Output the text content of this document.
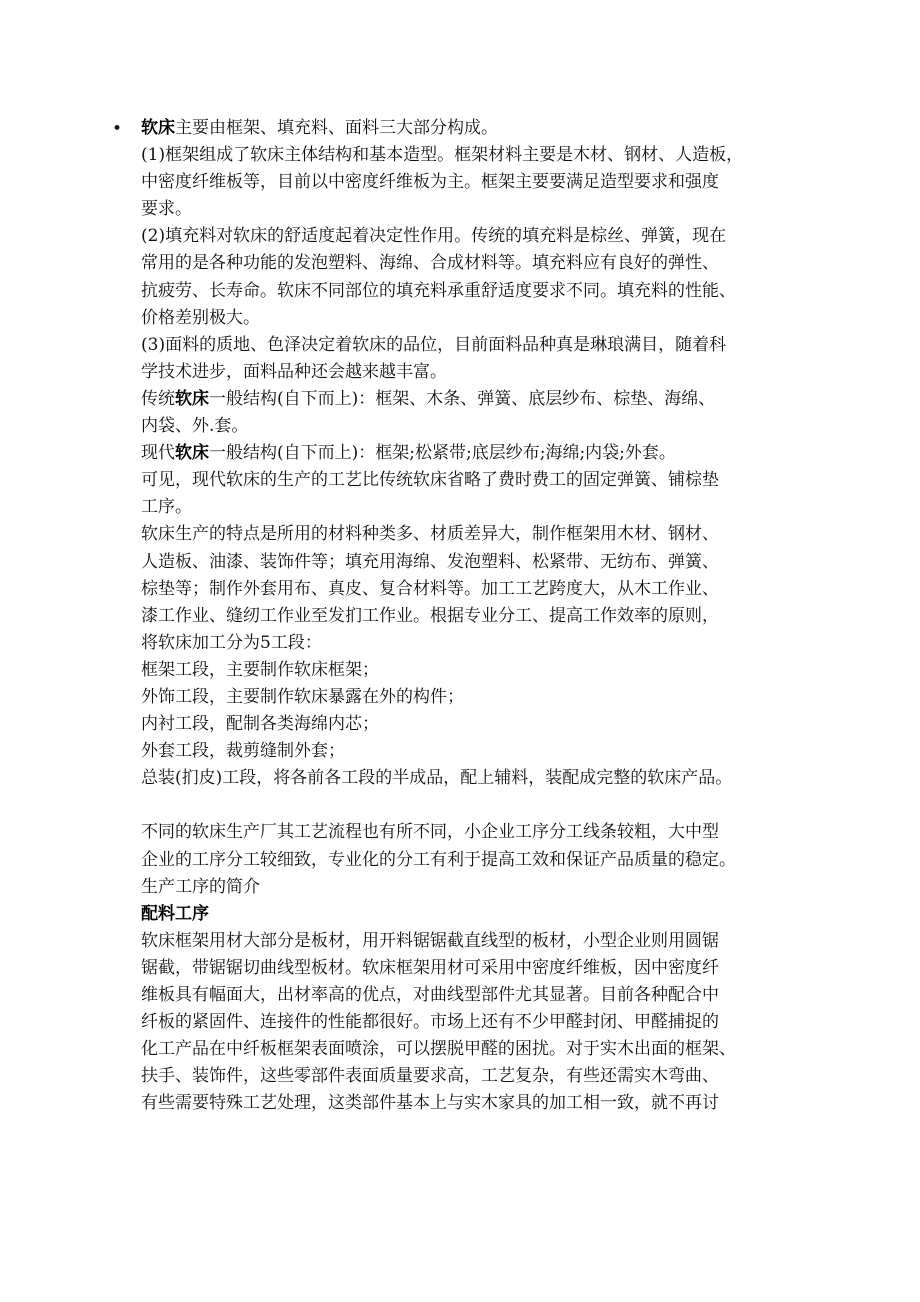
• 软床主要由框架、填充料、面料三大部分构成。
(1)框架组成了软床主体结构和基本造型。框架材料主要是木材、钢材、人造板，
中密度纤维板等，目前以中密度纤维板为主。框架主要要满足造型要求和强度
要求。
(2)填充料对软床的舒适度起着决定性作用。传统的填充料是棕丝、弹簧，现在
常用的是各种功能的发泡塑料、海绵、合成材料等。填充料应有良好的弹性、
抗疲劳、长寿命。软床不同部位的填充料承重舒适度要求不同。填充料的性能、
价格差别极大。
(3)面料的质地、色泽决定着软床的品位，目前面料品种真是琳琅满目，随着科
学技术进步，面料品种还会越来越丰富。
传统软床一般结构(自下而上)：框架、木条、弹簧、底层纱布、棕垫、海绵、
内袋、外.套。
现代软床一般结构(自下而上)：框架;松紧带;底层纱布;海绵;内袋;外套。
可见，现代软床的生产的工艺比传统软床省略了费时费工的固定弹簧、铺棕垫
工序。
软床生产的特点是所用的材料种类多、材质差异大，制作框架用木材、钢材、
人造板、油漆、装饰件等；填充用海绵、发泡塑料、松紧带、无纺布、弹簧、
棕垫等；制作外套用布、真皮、复合材料等。加工工艺跨度大，从木工作业、
漆工作业、缝纫工作业至发扪工作业。根据专业分工、提高工作效率的原则，
将软床加工分为5工段：
框架工段，主要制作软床框架；
外饰工段，主要制作软床暴露在外的构件；
内衬工段，配制各类海绵内芯；
外套工段，裁剪缝制外套；
总装(扪皮)工段，将各前各工段的半成品，配上辅料，装配成完整的软床产品。
不同的软床生产厂其工艺流程也有所不同，小企业工序分工线条较粗，大中型
企业的工序分工较细致，专业化的分工有利于提高工效和保证产品质量的稳定。
生产工序的简介
配料工序
软床框架用材大部分是板材，用开料锯锯截直线型的板材，小型企业则用圆锯
锯截，带锯锯切曲线型板材。软床框架用材可采用中密度纤维板，因中密度纤
维板具有幅面大，出材率高的优点，对曲线型部件尤其显著。目前各种配合中
纤板的紧固件、连接件的性能都很好。市场上还有不少甲醛封闭、甲醛捕捉的
化工产品在中纤板框架表面喷涂，可以摆脱甲醛的困扰。对于实木出面的框架、
扶手、装饰件，这些零部件表面质量要求高，工艺复杂，有些还需实木弯曲、
有些需要特殊工艺处理，这类部件基本上与实木家具的加工相一致，就不再讨
